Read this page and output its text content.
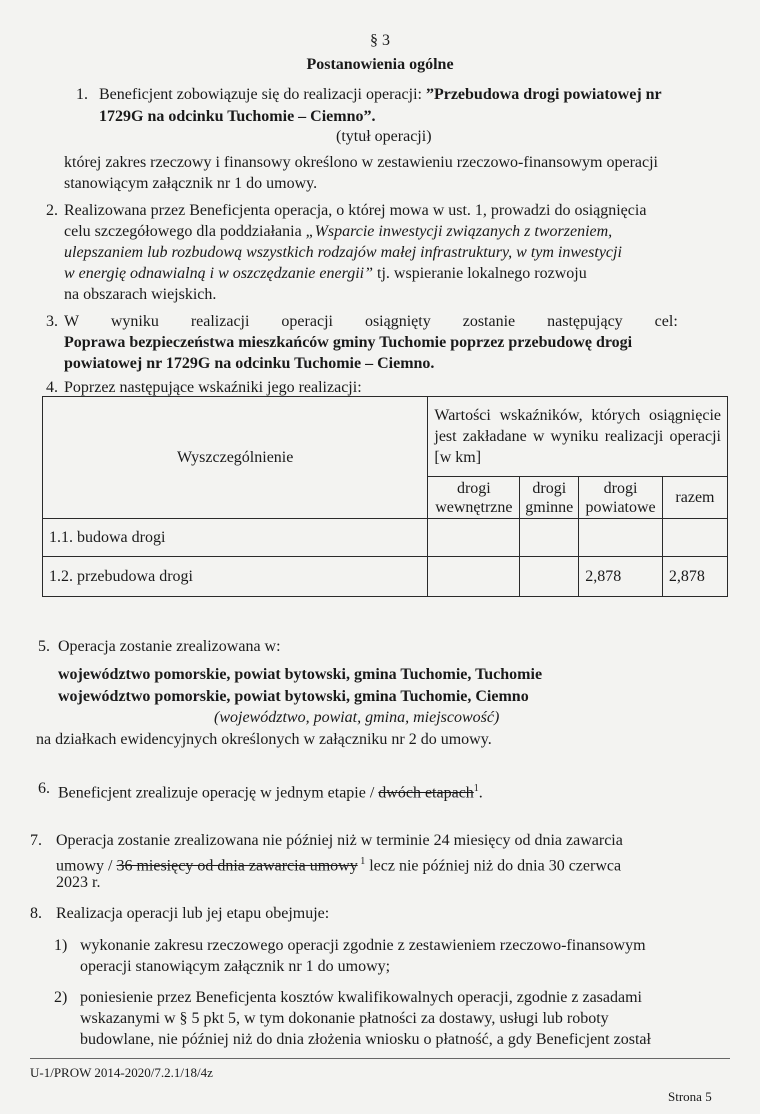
§ 3
Postanowienia ogólne
1. Beneficjent zobowiązuje się do realizacji operacji: ”Przebudowa drogi powiatowej nr
1729G na odcinku Tuchomie – Ciemno”.
(tytuł operacji)
której zakres rzeczowy i finansowy określono w zestawieniu rzeczowo-finansowym operacji
stanowiącym załącznik nr 1 do umowy.
2. Realizowana przez Beneficjenta operacja, o której mowa w ust. 1, prowadzi do osiągnięcia
celu szczegółowego dla poddziałania „Wsparcie inwestycji związanych z tworzeniem,
ulepszaniem lub rozbudową wszystkich rodzajów małej infrastruktury, w tym inwestycji
w energię odnawialną i w oszczędzanie energii” tj. wspieranie lokalnego rozwoju
na obszarach wiejskich.
3. W wyniku realizacji operacji osiągnięty zostanie następujący cel:
Poprawa bezpieczeństwa mieszkańców gminy Tuchomie poprzez przebudowę drogi
powiatowej nr 1729G na odcinku Tuchomie – Ciemno.
4. Poprzez następujące wskaźniki jego realizacji:
Wyszczególnienie	Wartości wskaźników, których osiągnięcie jest zakładane w wyniku realizacji operacji [w km]			
	drogi wewnętrzne	drogi gminne	drogi powiatowe	razem
1.1. budowa drogi				
1.2. przebudowa drogi			2,878	2,878
5. Operacja zostanie zrealizowana w:
województwo pomorskie, powiat bytowski, gmina Tuchomie, Tuchomie
województwo pomorskie, powiat bytowski, gmina Tuchomie, Ciemno
(województwo, powiat, gmina, miejscowość)
na działkach ewidencyjnych określonych w załączniku nr 2 do umowy.
6. Beneficjent zrealizuje operację w jednym etapie / dwóch etapach$^1$.
7. Operacja zostanie zrealizowana nie później niż w terminie 24 miesięcy od dnia zawarcia
umowy / 36 miesięcy od dnia zawarcia umowy $^1$ lecz nie później niż do dnia 30 czerwca
2023 r.
8. Realizacja operacji lub jej etapu obejmuje:
1) wykonanie zakresu rzeczowego operacji zgodnie z zestawieniem rzeczowo-finansowym
operacji stanowiącym załącznik nr 1 do umowy;
2) poniesienie przez Beneficjenta kosztów kwalifikowalnych operacji, zgodnie z zasadami
wskazanymi w § 5 pkt 5, w tym dokonanie płatności za dostawy, usługi lub roboty
budowlane, nie później niż do dnia złożenia wniosku o płatność, a gdy Beneficjent został
U-1/PROW 2014-2020/7.2.1/18/4z
Strona 5
